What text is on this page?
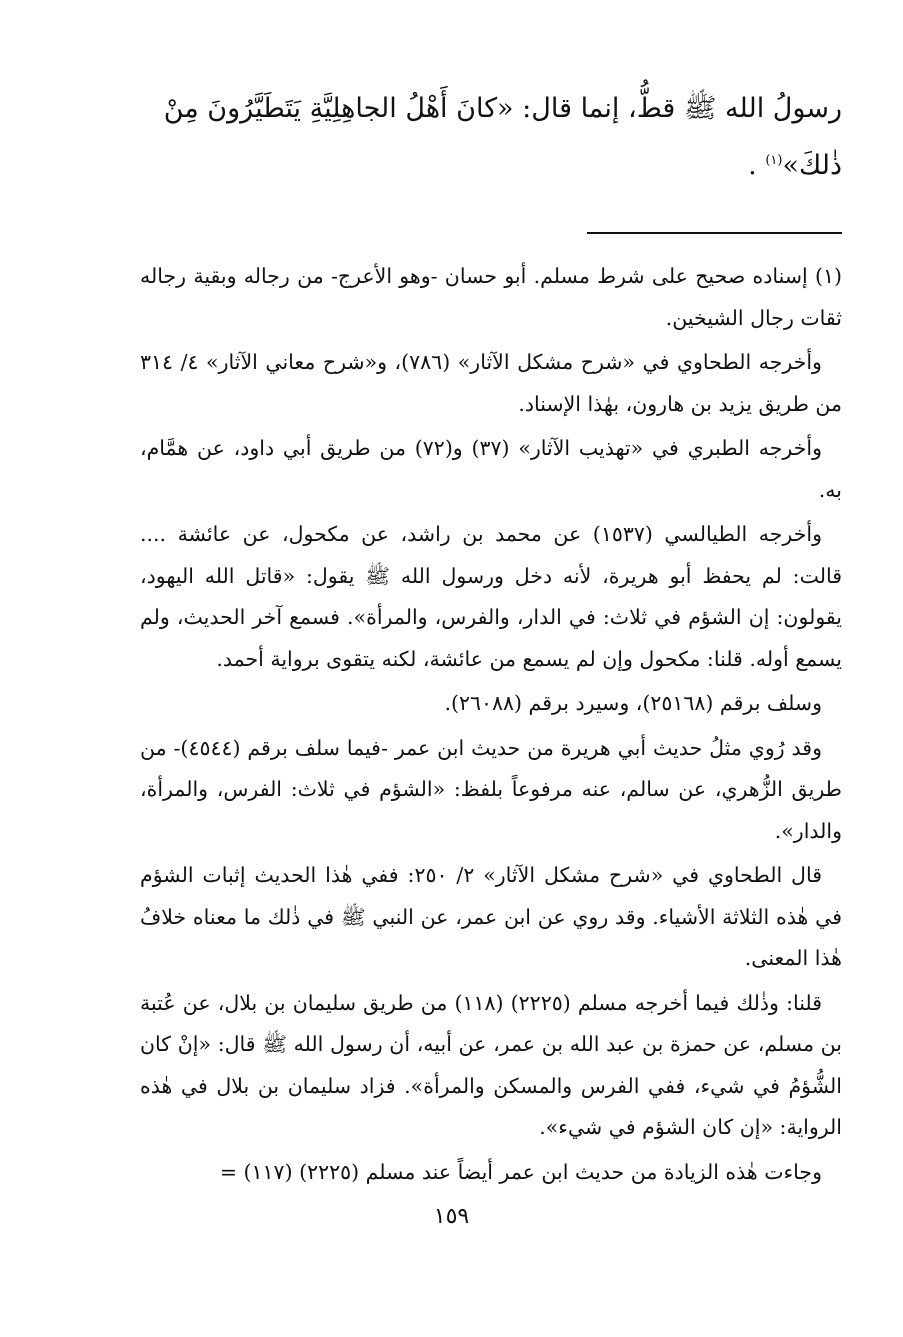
رسولُ الله ﷺ قطُّ، إنما قال: «كانَ أَهْلُ الجاهِلِيَّةِ يَتَطَيَّرُونَ مِنْ

ذٰلكَ»$^{(١)}$ .

(١) إسناده صحيح على شرط مسلم. أبو حسان -وهو الأعرج- من رجاله وبقية رجاله ثقات رجال الشيخين.

وأخرجه الطحاوي في «شرح مشكل الآثار» (٧٨٦)، و«شرح معاني الآثار» ٤/ ٣١٤ من طريق يزيد بن هارون، بهٰذا الإسناد.

وأخرجه الطبري في «تهذيب الآثار» (٣٧) و(٧٢) من طريق أبي داود، عن همَّام، به.

وأخرجه الطيالسي (١٥٣٧) عن محمد بن راشد، عن مكحول، عن عائشة .... قالت: لم يحفظ أبو هريرة، لأنه دخل ورسول الله ﷺ يقول: «قاتل الله اليهود، يقولون: إن الشؤم في ثلاث: في الدار، والفرس، والمرأة». فسمع آخر الحديث، ولم يسمع أوله. قلنا: مكحول وإن لم يسمع من عائشة، لكنه يتقوى برواية أحمد.

وسلف برقم (٢٥١٦٨)، وسيرد برقم (٢٦٠٨٨).

وقد رُوي مثلُ حديث أبي هريرة من حديث ابن عمر -فيما سلف برقم (٤٥٤٤)- من طريق الزُّهري، عن سالم، عنه مرفوعاً بلفظ: «الشؤم في ثلاث: الفرس، والمرأة، والدار».

قال الطحاوي في «شرح مشكل الآثار» ٢/ ٢٥٠: ففي هٰذا الحديث إثبات الشؤم في هٰذه الثلاثة الأشياء. وقد روي عن ابن عمر، عن النبي ﷺ في ذٰلك ما معناه خلافُ هٰذا المعنى.

قلنا: وذٰلك فيما أخرجه مسلم (٢٢٢٥) (١١٨) من طريق سليمان بن بلال، عن عُتبة بن مسلم، عن حمزة بن عبد الله بن عمر، عن أبيه، أن رسول الله ﷺ قال: «إنْ كان الشُّؤمُ في شيء، ففي الفرس والمسكن والمرأة». فزاد سليمان بن بلال في هٰذه الرواية: «إن كان الشؤم في شيء».

وجاءت هٰذه الزيادة من حديث ابن عمر أيضاً عند مسلم (٢٢٢٥) (١١٧) =

١٥٩
